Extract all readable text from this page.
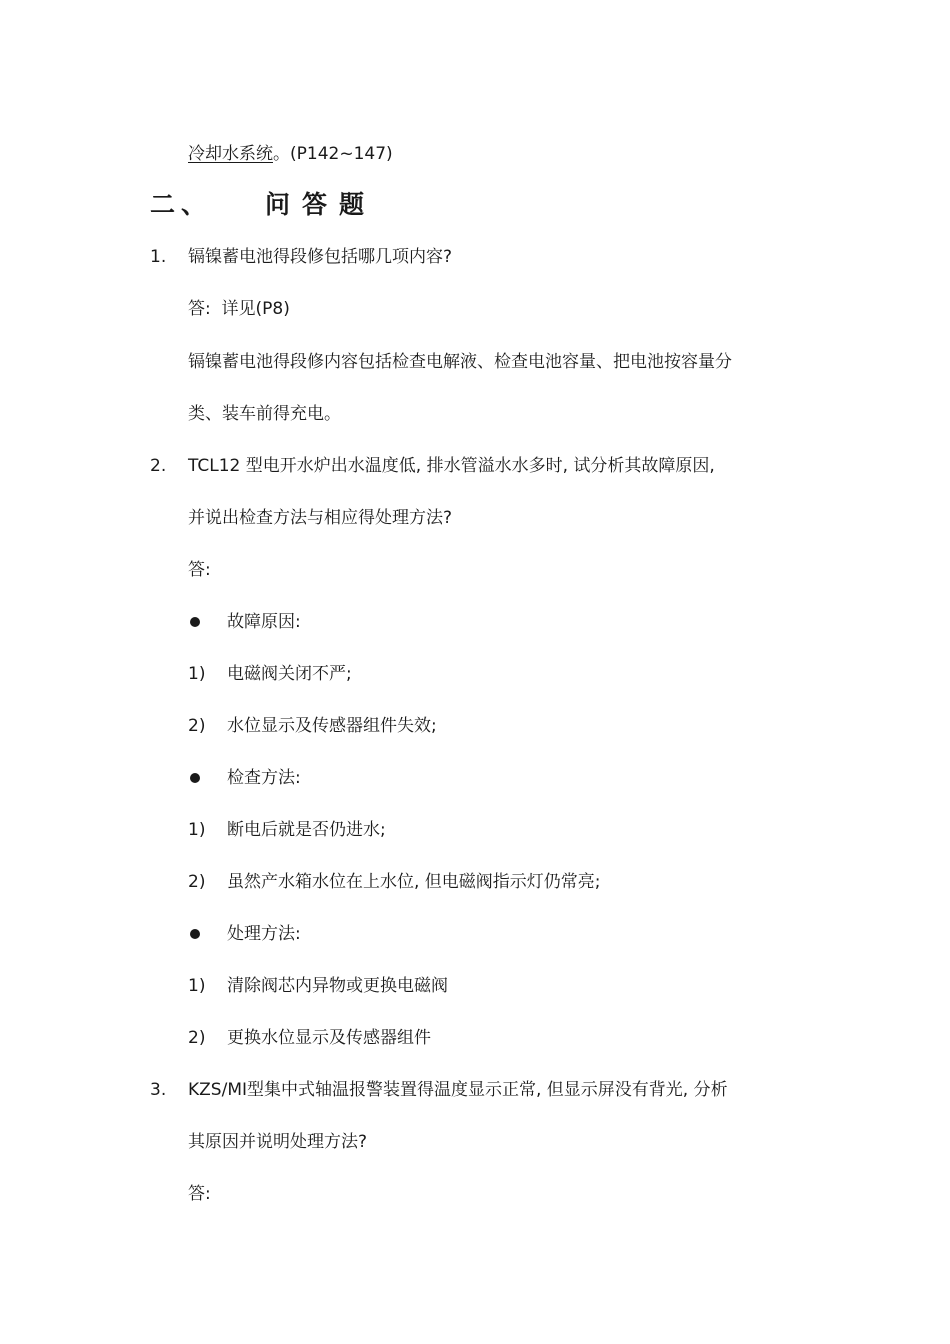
冷却水系统。(P142~147)
二、 问答题
1. 镉镍蓄电池得段修包括哪几项内容?
答: 详见(P8)
镉镍蓄电池得段修内容包括检查电解液、检查电池容量、把电池按容量分
类、装车前得充电。
2. TCL12 型电开水炉出水温度低, 排水管溢水水多时, 试分析其故障原因,
并说出检查方法与相应得处理方法?
答:
故障原因:
1) 电磁阀关闭不严;
2) 水位显示及传感器组件失效;
检查方法:
1) 断电后就是否仍进水;
2) 虽然产水箱水位在上水位, 但电磁阀指示灯仍常亮;
处理方法:
1) 清除阀芯内异物或更换电磁阀
2) 更换水位显示及传感器组件
3. KZS/MI型集中式轴温报警装置得温度显示正常, 但显示屏没有背光, 分析
其原因并说明处理方法?
答:
